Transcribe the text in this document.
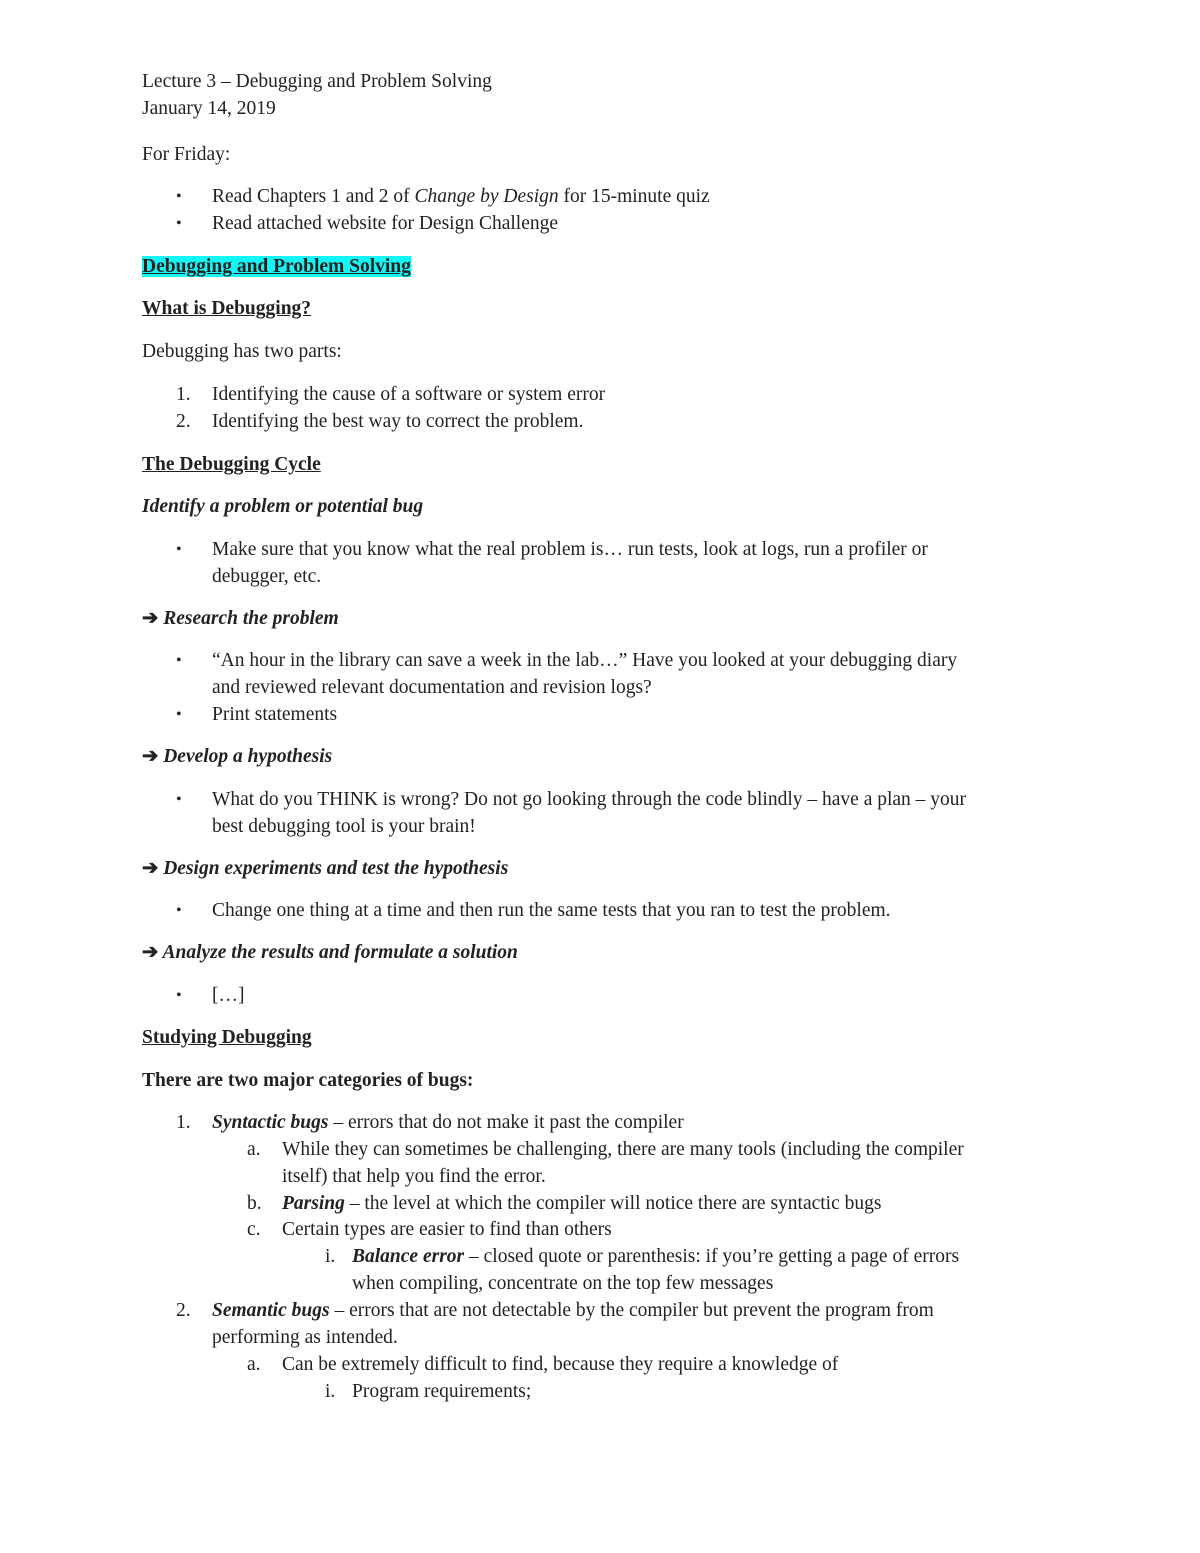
Lecture 3 – Debugging and Problem Solving
January 14, 2019
For Friday:
• Read Chapters 1 and 2 of Change by Design for 15-minute quiz
• Read attached website for Design Challenge
Debugging and Problem Solving
What is Debugging?
Debugging has two parts:
1. Identifying the cause of a software or system error
2. Identifying the best way to correct the problem.
The Debugging Cycle
Identify a problem or potential bug
• Make sure that you know what the real problem is… run tests, look at logs, run a profiler or
debugger, etc.
➔ Research the problem
• “An hour in the library can save a week in the lab…” Have you looked at your debugging diary
and reviewed relevant documentation and revision logs?
• Print statements
➔ Develop a hypothesis
• What do you THINK is wrong? Do not go looking through the code blindly – have a plan – your
best debugging tool is your brain!
➔ Design experiments and test the hypothesis
• Change one thing at a time and then run the same tests that you ran to test the problem.
➔ Analyze the results and formulate a solution
• […]
Studying Debugging
There are two major categories of bugs:
1. Syntactic bugs – errors that do not make it past the compiler
a. While they can sometimes be challenging, there are many tools (including the compiler
itself) that help you find the error.
b. Parsing – the level at which the compiler will notice there are syntactic bugs
c. Certain types are easier to find than others
i. Balance error – closed quote or parenthesis: if you’re getting a page of errors
when compiling, concentrate on the top few messages
2. Semantic bugs – errors that are not detectable by the compiler but prevent the program from
performing as intended.
a. Can be extremely difficult to find, because they require a knowledge of
i. Program requirements;
